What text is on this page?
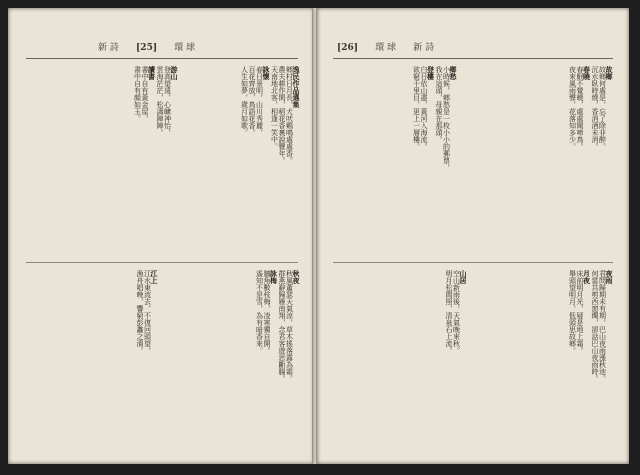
新 詩 [25] 環 球
逸民作品選集
鄉村日月長，犬吠鷄鳴處處香。
農夫耕作閑，稻花香裏說豐年。
天南地北客，相逢一笑中。
詠懷
春日景明，山川秀麗，
百花齊放，鳥語花香。
人生如夢，歲月如歌。
游山
登高望遠，心曠神怡，
雲海茫茫，松濤陣陣。
讀書
書中自有黃金屋，
書中自有顏如玉。
秋夜
秋風蕭瑟天氣涼，草木搖落露為霜。
群燕辭歸雁南翔，念君客遊思斷腸。
詠梅
牆角數枝梅，凌寒獨自開。
遙知不是雪，為有暗香來。
江上
江水東流去，不復回頭望，
漁舟唱晚，響窮彭蠡之濱。
[26] 環 球 新 詩
故鄉
故鄉何處是，忘了除非醉。
沉水臥時燒，香消酒未消。
春曉
春眠不覺曉，處處聞啼鳥。
夜來風雨聲，花落知多少。
鄉愁
小時候，鄉愁是一枚小小的郵票，
我在這頭，母親在那頭。
登樓
白日依山盡，黃河入海流。
欲窮千里目，更上一層樓。
夜雨
君問歸期未有期，巴山夜雨漲秋池。
何當共剪西窗燭，卻話巴山夜雨時。
月夜
床前明月光，疑是地上霜。
舉頭望明月，低頭思故鄉。
山居
空山新雨後，天氣晚來秋。
明月松間照，清泉石上流。
